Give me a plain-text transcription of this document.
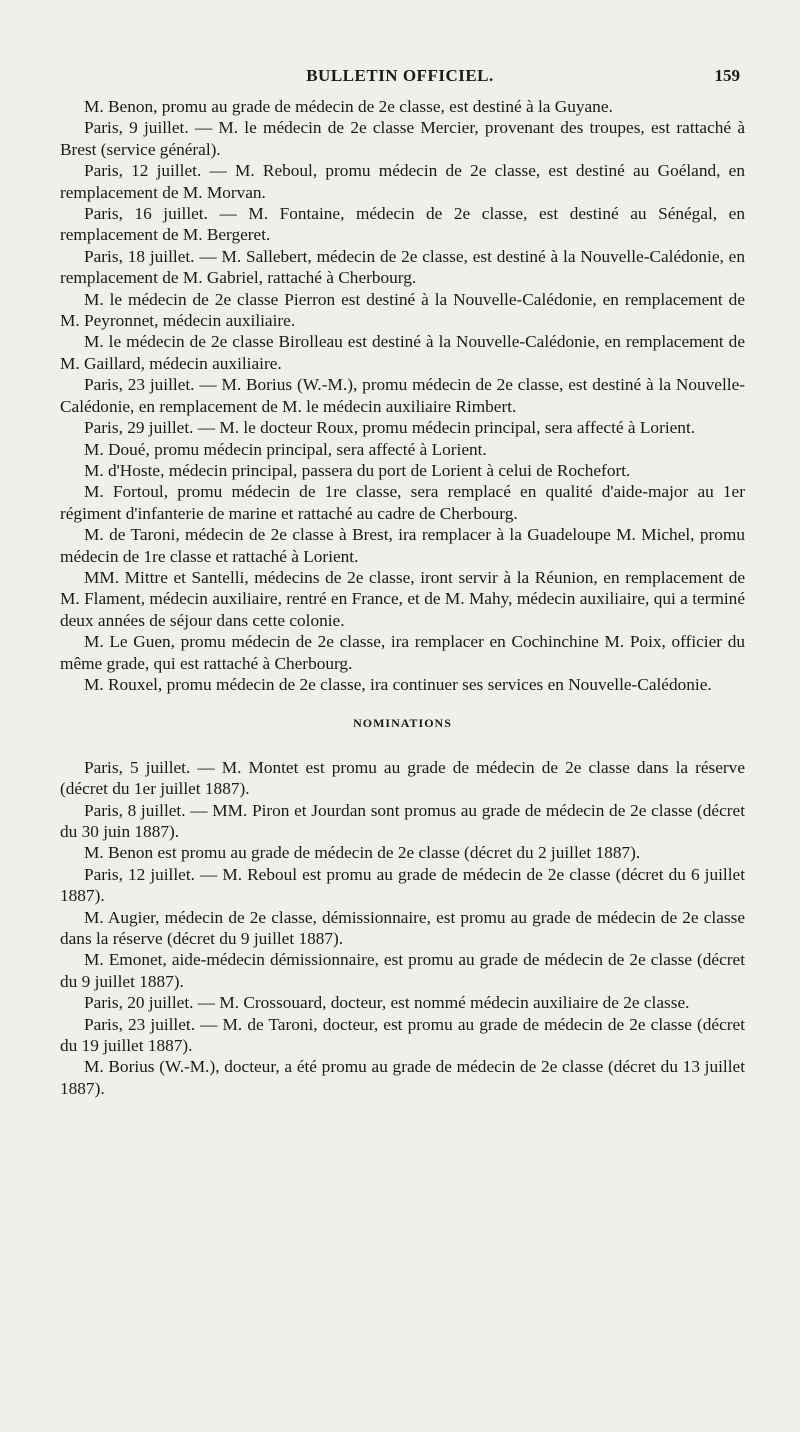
BULLETIN OFFICIEL.	159

M. Benon, promu au grade de médecin de 2e classe, est destiné à la Guyane.

Paris, 9 juillet. — M. le médecin de 2e classe Mercier, provenant des troupes, est rattaché à Brest (service général).

Paris, 12 juillet. — M. Reboul, promu médecin de 2e classe, est destiné au Goéland, en remplacement de M. Morvan.

Paris, 16 juillet. — M. Fontaine, médecin de 2e classe, est destiné au Sénégal, en remplacement de M. Bergeret.

Paris, 18 juillet. — M. Sallebert, médecin de 2e classe, est destiné à la Nouvelle-Calédonie, en remplacement de M. Gabriel, rattaché à Cherbourg.

M. le médecin de 2e classe Pierron est destiné à la Nouvelle-Calédonie, en remplacement de M. Peyronnet, médecin auxiliaire.

M. le médecin de 2e classe Birolleau est destiné à la Nouvelle-Calédonie, en remplacement de M. Gaillard, médecin auxiliaire.

Paris, 23 juillet. — M. Borius (W.-M.), promu médecin de 2e classe, est destiné à la Nouvelle-Calédonie, en remplacement de M. le médecin auxiliaire Rimbert.

Paris, 29 juillet. — M. le docteur Roux, promu médecin principal, sera affecté à Lorient.

M. Doué, promu médecin principal, sera affecté à Lorient.

M. d'Hoste, médecin principal, passera du port de Lorient à celui de Rochefort.

M. Fortoul, promu médecin de 1re classe, sera remplacé en qualité d'aide-major au 1er régiment d'infanterie de marine et rattaché au cadre de Cherbourg.

M. de Taroni, médecin de 2e classe à Brest, ira remplacer à la Guadeloupe M. Michel, promu médecin de 1re classe et rattaché à Lorient.

MM. Mittre et Santelli, médecins de 2e classe, iront servir à la Réunion, en remplacement de M. Flament, médecin auxiliaire, rentré en France, et de M. Mahy, médecin auxiliaire, qui a terminé deux années de séjour dans cette colonie.

M. Le Guen, promu médecin de 2e classe, ira remplacer en Cochinchine M. Poix, officier du même grade, qui est rattaché à Cherbourg.

M. Rouxel, promu médecin de 2e classe, ira continuer ses services en Nouvelle-Calédonie.

NOMINATIONS

Paris, 5 juillet. — M. Montet est promu au grade de médecin de 2e classe dans la réserve (décret du 1er juillet 1887).

Paris, 8 juillet. — MM. Piron et Jourdan sont promus au grade de médecin de 2e classe (décret du 30 juin 1887).

M. Benon est promu au grade de médecin de 2e classe (décret du 2 juillet 1887).

Paris, 12 juillet. — M. Reboul est promu au grade de médecin de 2e classe (décret du 6 juillet 1887).

M. Augier, médecin de 2e classe, démissionnaire, est promu au grade de médecin de 2e classe dans la réserve (décret du 9 juillet 1887).

M. Emonet, aide-médecin démissionnaire, est promu au grade de médecin de 2e classe (décret du 9 juillet 1887).

Paris, 20 juillet. — M. Crossouard, docteur, est nommé médecin auxiliaire de 2e classe.

Paris, 23 juillet. — M. de Taroni, docteur, est promu au grade de médecin de 2e classe (décret du 19 juillet 1887).

M. Borius (W.-M.), docteur, a été promu au grade de médecin de 2e classe (décret du 13 juillet 1887).
